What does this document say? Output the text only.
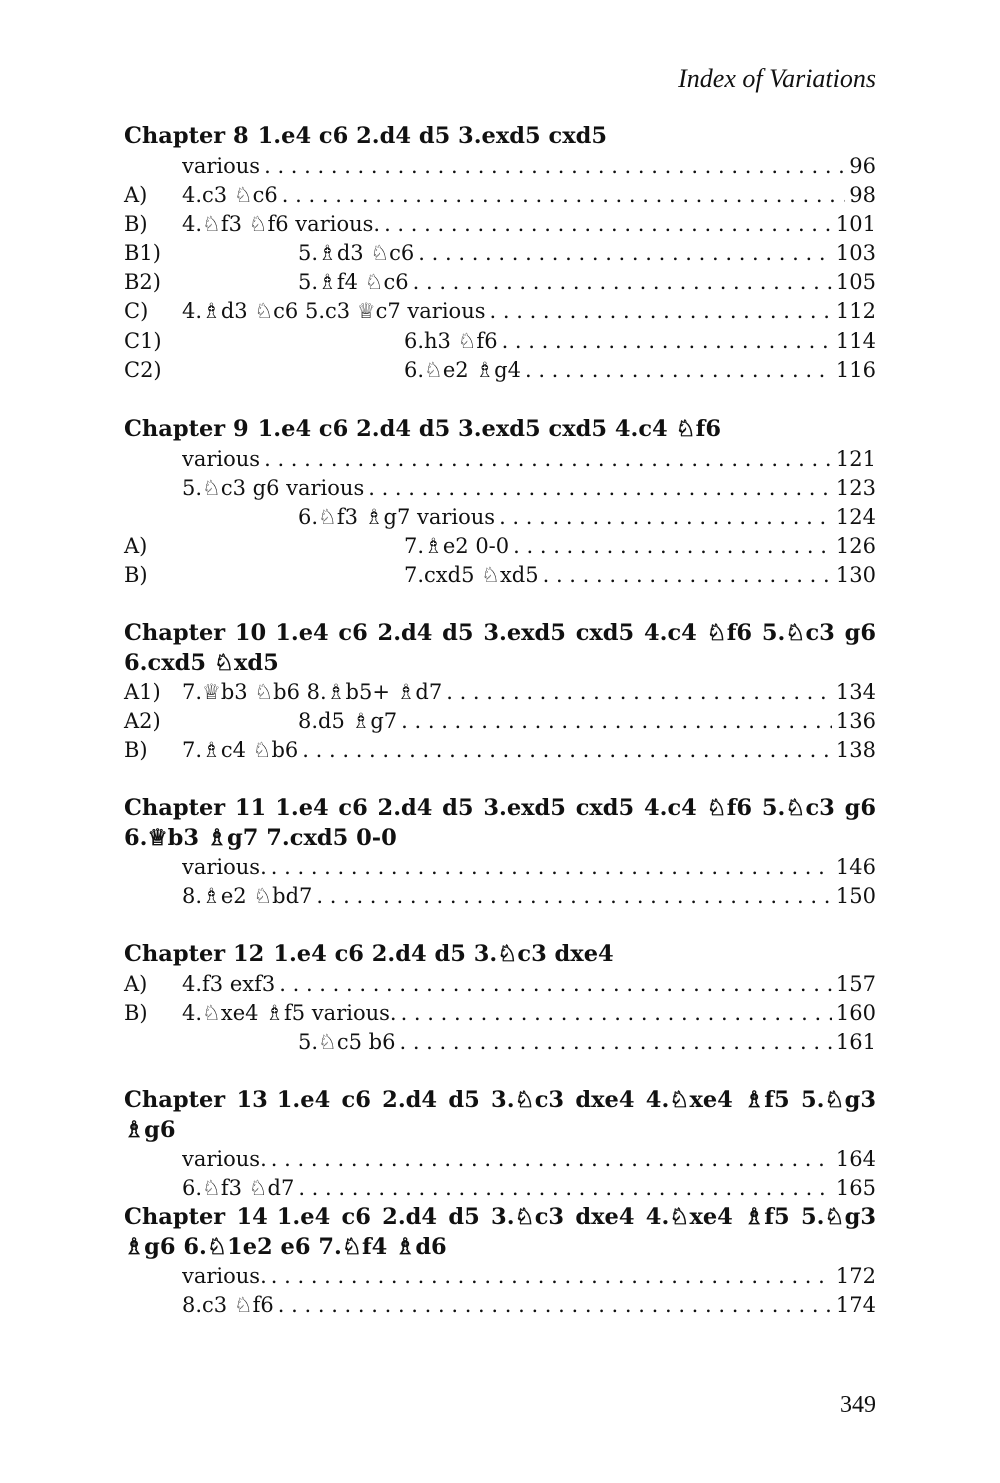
Index of Variations

Chapter 8 1.e4 c6 2.d4 d5 3.exd5 cxd5

various . . .	96
A) 4.c3 ♘c6 . . .	98
B) 4.♘f3 ♘f6 various. . . .	101
B1)	5.♗d3 ♘c6 . . .	103
B2)	5.♗f4 ♘c6 . . .	105
C) 4.♗d3 ♘c6 5.c3 ♕c7 various . . .	112
C1)	6.h3 ♘f6 . . .	114
C2)	6.♘e2 ♗g4 . . .	116

Chapter 9 1.e4 c6 2.d4 d5 3.exd5 cxd5 4.c4 ♘f6

various . . .	121
5.♘c3 g6 various . . .	123
6.♘f3 ♗g7 various . . .	124
A)	7.♗e2 0-0 . . .	126
B)	7.cxd5 ♘xd5 . . .	130

Chapter 10 1.e4 c6 2.d4 d5 3.exd5 cxd5 4.c4 ♘f6 5.♘c3 g6 6.cxd5 ♘xd5

A1) 7.♕b3 ♘b6 8.♗b5+ ♗d7 . . .	134
A2)	8.d5 ♗g7 . . .	136
B) 7.♗c4 ♘b6 . . .	138

Chapter 11 1.e4 c6 2.d4 d5 3.exd5 cxd5 4.c4 ♘f6 5.♘c3 g6 6.♕b3 ♗g7 7.cxd5 0-0

various. . . .	146
8.♗e2 ♘bd7 . . .	150

Chapter 12 1.e4 c6 2.d4 d5 3.♘c3 dxe4

A) 4.f3 exf3 . . .	157
B) 4.♘xe4 ♗f5 various. . . .	160
5.♘c5 b6 . . .	161

Chapter 13 1.e4 c6 2.d4 d5 3.♘c3 dxe4 4.♘xe4 ♗f5 5.♘g3 ♗g6

various. . . .	164
6.♘f3 ♘d7 . . .	165

Chapter 14 1.e4 c6 2.d4 d5 3.♘c3 dxe4 4.♘xe4 ♗f5 5.♘g3 ♗g6 6.♘1e2 e6 7.♘f4 ♗d6

various. . . .	172
8.c3 ♘f6 . . .	174
349
